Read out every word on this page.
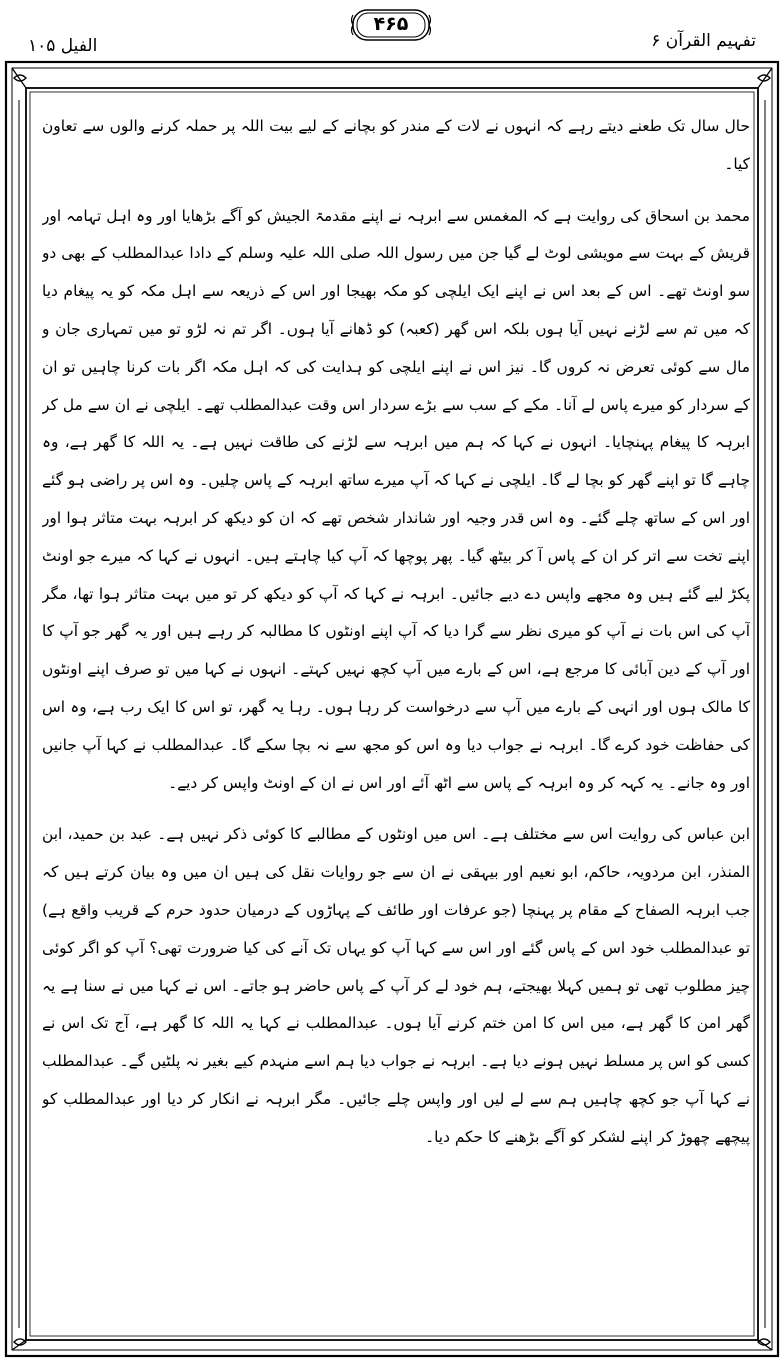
تفہیم القرآن ۶
۴۶۵
الفیل ۱۰۵

حال سال تک طعنے دیتے رہے کہ انہوں نے لات کے مندر کو بچانے کے لیے بیت اللہ پر حملہ کرنے والوں سے تعاون کیا۔

محمد بن اسحاق کی روایت ہے کہ المغمس سے ابرہہ نے اپنے مقدمۃ الجیش کو آگے بڑھایا اور وہ اہل تہامہ اور قریش کے بہت سے مویشی لوٹ لے گیا جن میں رسول اللہ صلی اللہ علیہ وسلم کے دادا عبدالمطلب کے بھی دو سو اونٹ تھے۔ اس کے بعد اس نے اپنے ایک ایلچی کو مکہ بھیجا اور اس کے ذریعہ سے اہل مکہ کو یہ پیغام دیا کہ میں تم سے لڑنے نہیں آیا ہوں بلکہ اس گھر (کعبہ) کو ڈھانے آیا ہوں۔ اگر تم نہ لڑو تو میں تمہاری جان و مال سے کوئی تعرض نہ کروں گا۔ نیز اس نے اپنے ایلچی کو ہدایت کی کہ اہل مکہ اگر بات کرنا چاہیں تو ان کے سردار کو میرے پاس لے آنا۔ مکے کے سب سے بڑے سردار اس وقت عبدالمطلب تھے۔ ایلچی نے ان سے مل کر ابرہہ کا پیغام پہنچایا۔ انہوں نے کہا کہ ہم میں ابرہہ سے لڑنے کی طاقت نہیں ہے۔ یہ اللہ کا گھر ہے، وہ چاہے گا تو اپنے گھر کو بچا لے گا۔ ایلچی نے کہا کہ آپ میرے ساتھ ابرہہ کے پاس چلیں۔ وہ اس پر راضی ہو گئے اور اس کے ساتھ چلے گئے۔ وہ اس قدر وجیہ اور شاندار شخص تھے کہ ان کو دیکھ کر ابرہہ بہت متاثر ہوا اور اپنے تخت سے اتر کر ان کے پاس آ کر بیٹھ گیا۔ پھر پوچھا کہ آپ کیا چاہتے ہیں۔ انہوں نے کہا کہ میرے جو اونٹ پکڑ لیے گئے ہیں وہ مجھے واپس دے دیے جائیں۔ ابرہہ نے کہا کہ آپ کو دیکھ کر تو میں بہت متاثر ہوا تھا، مگر آپ کی اس بات نے آپ کو میری نظر سے گرا دیا کہ آپ اپنے اونٹوں کا مطالبہ کر رہے ہیں اور یہ گھر جو آپ کا اور آپ کے دین آبائی کا مرجع ہے، اس کے بارے میں آپ کچھ نہیں کہتے۔ انہوں نے کہا میں تو صرف اپنے اونٹوں کا مالک ہوں اور انہی کے بارے میں آپ سے درخواست کر رہا ہوں۔ رہا یہ گھر، تو اس کا ایک رب ہے، وہ اس کی حفاظت خود کرے گا۔ ابرہہ نے جواب دیا وہ اس کو مجھ سے نہ بچا سکے گا۔ عبدالمطلب نے کہا آپ جانیں اور وہ جانے۔ یہ کہہ کر وہ ابرہہ کے پاس سے اٹھ آئے اور اس نے ان کے اونٹ واپس کر دیے۔

ابن عباس کی روایت اس سے مختلف ہے۔ اس میں اونٹوں کے مطالبے کا کوئی ذکر نہیں ہے۔ عبد بن حمید، ابن المنذر، ابن مردویہ، حاکم، ابو نعیم اور بیہقی نے ان سے جو روایات نقل کی ہیں ان میں وہ بیان کرتے ہیں کہ جب ابرہہ الصفاح کے مقام پر پہنچا (جو عرفات اور طائف کے پہاڑوں کے درمیان حدود حرم کے قریب واقع ہے) تو عبدالمطلب خود اس کے پاس گئے اور اس سے کہا آپ کو یہاں تک آنے کی کیا ضرورت تھی؟ آپ کو اگر کوئی چیز مطلوب تھی تو ہمیں کہلا بھیجتے، ہم خود لے کر آپ کے پاس حاضر ہو جاتے۔ اس نے کہا میں نے سنا ہے یہ گھر امن کا گھر ہے، میں اس کا امن ختم کرنے آیا ہوں۔ عبدالمطلب نے کہا یہ اللہ کا گھر ہے، آج تک اس نے کسی کو اس پر مسلط نہیں ہونے دیا ہے۔ ابرہہ نے جواب دیا ہم اسے منہدم کیے بغیر نہ پلٹیں گے۔ عبدالمطلب نے کہا آپ جو کچھ چاہیں ہم سے لے لیں اور واپس چلے جائیں۔ مگر ابرہہ نے انکار کر دیا اور عبدالمطلب کو پیچھے چھوڑ کر اپنے لشکر کو آگے بڑھنے کا حکم دیا۔
